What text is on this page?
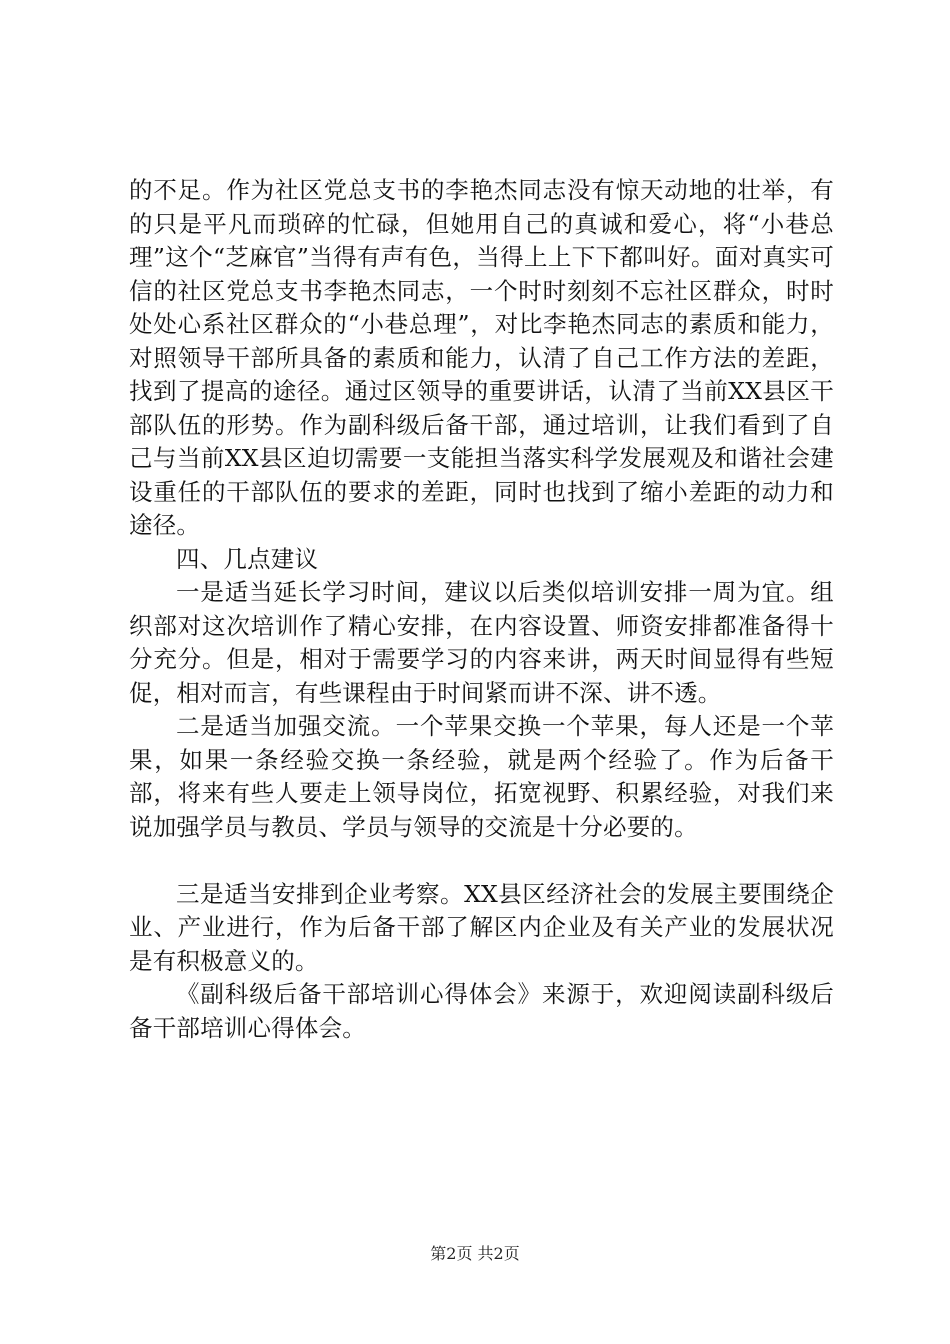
的不足。作为社区党总支书的李艳杰同志没有惊天动地的壮举，有的只是平凡而琐碎的忙碌，但她用自己的真诚和爱心，将“小巷总理”这个“芝麻官”当得有声有色，当得上上下下都叫好。面对真实可信的社区党总支书李艳杰同志，一个时时刻刻不忘社区群众，时时处处心系社区群众的“小巷总理”，对比李艳杰同志的素质和能力，对照领导干部所具备的素质和能力，认清了自己工作方法的差距，找到了提高的途径。通过区领导的重要讲话，认清了当前XX县区干部队伍的形势。作为副科级后备干部，通过培训，让我们看到了自己与当前XX县区迫切需要一支能担当落实科学发展观及和谐社会建设重任的干部队伍的要求的差距，同时也找到了缩小差距的动力和途径。

四、几点建议

一是适当延长学习时间，建议以后类似培训安排一周为宜。组织部对这次培训作了精心安排，在内容设置、师资安排都准备得十分充分。但是，相对于需要学习的内容来讲，两天时间显得有些短促，相对而言，有些课程由于时间紧而讲不深、讲不透。

二是适当加强交流。一个苹果交换一个苹果，每人还是一个苹果，如果一条经验交换一条经验，就是两个经验了。作为后备干部，将来有些人要走上领导岗位，拓宽视野、积累经验，对我们来说加强学员与教员、学员与领导的交流是十分必要的。

三是适当安排到企业考察。XX县区经济社会的发展主要围绕企业、产业进行，作为后备干部了解区内企业及有关产业的发展状况是有积极意义的。

《副科级后备干部培训心得体会》来源于，欢迎阅读副科级后备干部培训心得体会。

第2页 共2页
